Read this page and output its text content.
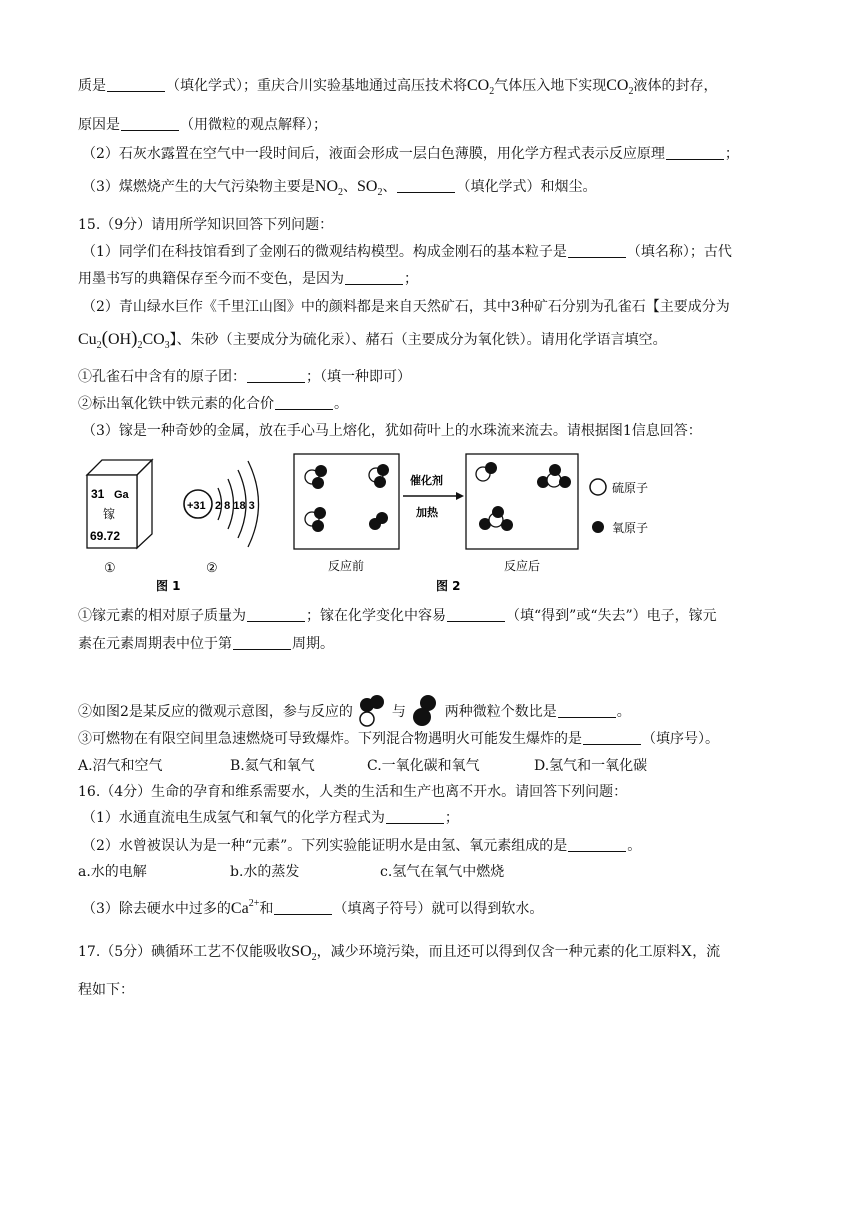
质是	（填化学式）；重庆合川实验基地通过高压技术将$CO_2$气体压入地下实现$CO_2$液体的封存，
原因是	（用微粒的观点解释）；
（2）石灰水露置在空气中一段时间后，液面会形成一层白色薄膜，用化学方程式表示反应原理	；
（3）煤燃烧产生的大气污染物主要是$NO_2$、$SO_2$、	（填化学式）和烟尘。
15.（9分）请用所学知识回答下列问题：
（1）同学们在科技馆看到了金刚石的微观结构模型。构成金刚石的基本粒子是	（填名称）；古代
用墨书写的典籍保存至今而不变色，是因为	；
（2）青山绿水巨作《千里江山图》中的颜料都是来自天然矿石，其中3种矿石分别为孔雀石【主要成分为
$Cu_2(OH)_2CO_3$】、朱砂（主要成分为硫化汞）、赭石（主要成分为氧化铁）。请用化学语言填空。
①孔雀石中含有的原子团：	；（填一种即可）
②标出氧化铁中铁元素的化合价	。
（3）镓是一种奇妙的金属，放在手心马上熔化，犹如荷叶上的水珠流来流去。请根据图1信息回答：
31 Ga
镓
69.72
①
+31 2 8 18 3
②
图 1
反应前
催化剂
加热
反应后
图 2
硫原子
氧原子
①镓元素的相对原子质量为	；镓在化学变化中容易	（填“得到”或“失去”）电子，镓元
素在元素周期表中位于第	周期。
②如图2是某反应的微观示意图，参与反应的	与	两种微粒个数比是	。
③可燃物在有限空间里急速燃烧可导致爆炸。下列混合物遇明火可能发生爆炸的是	（填序号）。
A.沼气和空气	B.氦气和氧气	C.一氧化碳和氧气	D.氢气和一氧化碳
16.（4分）生命的孕育和维系需要水，人类的生活和生产也离不开水。请回答下列问题：
（1）水通直流电生成氢气和氧气的化学方程式为	；
（2）水曾被误认为是一种“元素”。下列实验能证明水是由氢、氧元素组成的是	。
a.水的电解	b.水的蒸发	c.氢气在氧气中燃烧
（3）除去硬水中过多的$Ca^{2+}$和	（填离子符号）就可以得到软水。
17.（5分）碘循环工艺不仅能吸收$SO_2$，减少环境污染，而且还可以得到仅含一种元素的化工原料X，流
程如下：
